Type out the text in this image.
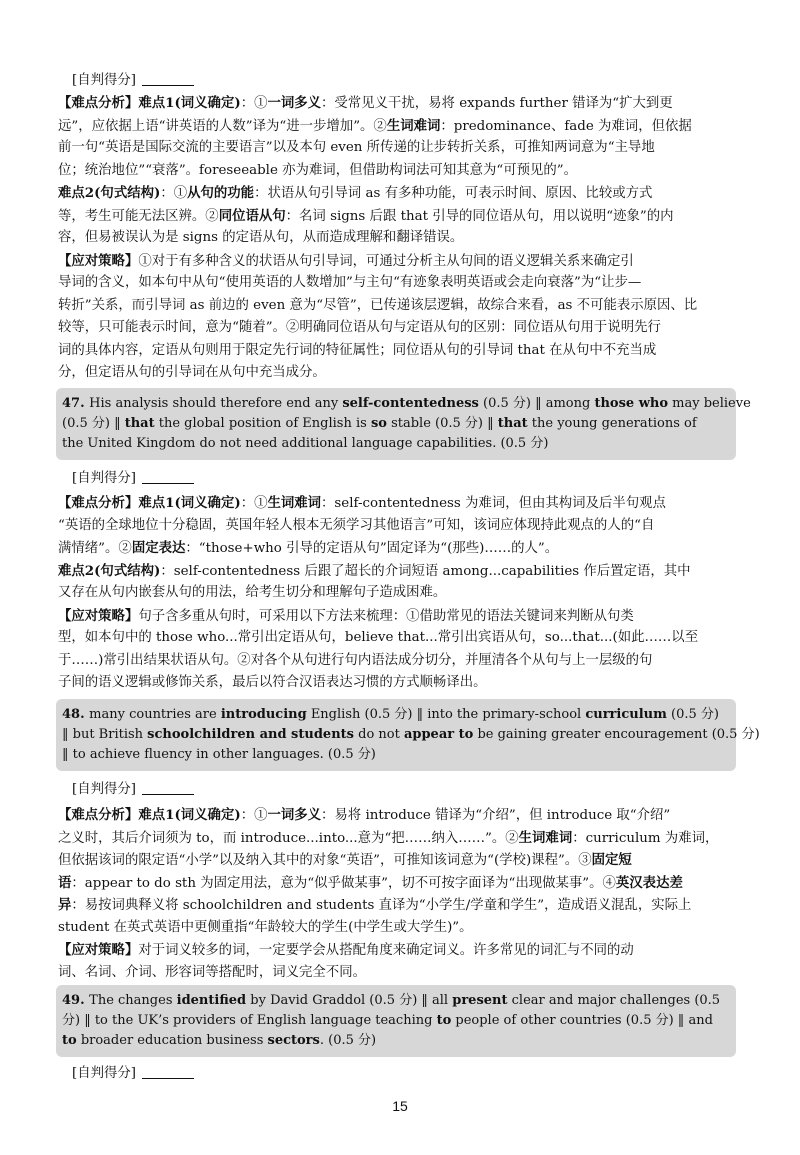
[自判得分]
【难点分析】难点1(词义确定)：①一词多义：受常见义干扰，易将 expands further 错译为“扩大到更
远”，应依据上语“讲英语的人数”译为“进一步增加”。②生词难词：predominance、fade 为难词，但依据
前一句“英语是国际交流的主要语言”以及本句 even 所传递的让步转折关系，可推知两词意为“主导地
位；统治地位”“衰落”。foreseeable 亦为难词，但借助构词法可知其意为“可预见的”。
难点2(句式结构)：①从句的功能：状语从句引导词 as 有多种功能，可表示时间、原因、比较或方式
等，考生可能无法区辨。②同位语从句：名词 signs 后跟 that 引导的同位语从句，用以说明“迹象”的内
容，但易被误认为是 signs 的定语从句，从而造成理解和翻译错误。
【应对策略】①对于有多种含义的状语从句引导词，可通过分析主从句间的语义逻辑关系来确定引
导词的含义，如本句中从句“使用英语的人数增加”与主句“有迹象表明英语或会走向衰落”为“让步—
转折”关系，而引导词 as 前边的 even 意为“尽管”，已传递该层逻辑，故综合来看，as 不可能表示原因、比
较等，只可能表示时间，意为“随着”。②明确同位语从句与定语从句的区别：同位语从句用于说明先行
词的具体内容，定语从句则用于限定先行词的特征属性；同位语从句的引导词 that 在从句中不充当成
分，但定语从句的引导词在从句中充当成分。
47. His analysis should therefore end any self-contentedness (0.5 分) ‖ among those who may believe
(0.5 分) ‖ that the global position of English is so stable (0.5 分) ‖ that the young generations of
the United Kingdom do not need additional language capabilities. (0.5 分)
[自判得分]
【难点分析】难点1(词义确定)：①生词难词：self-contentedness 为难词，但由其构词及后半句观点
“英语的全球地位十分稳固，英国年轻人根本无须学习其他语言”可知，该词应体现持此观点的人的“自
满情绪”。②固定表达：“those+who 引导的定语从句”固定译为“(那些)……的人”。
难点2(句式结构)：self-contentedness 后跟了超长的介词短语 among...capabilities 作后置定语，其中
又存在从句内嵌套从句的用法，给考生切分和理解句子造成困难。
【应对策略】句子含多重从句时，可采用以下方法来梳理：①借助常见的语法关键词来判断从句类
型，如本句中的 those who...常引出定语从句，believe that...常引出宾语从句，so...that...(如此……以至
于……)常引出结果状语从句。②对各个从句进行句内语法成分切分，并厘清各个从句与上一层级的句
子间的语义逻辑或修饰关系，最后以符合汉语表达习惯的方式顺畅译出。
48. many countries are introducing English (0.5 分) ‖ into the primary-school curriculum (0.5 分)
‖ but British schoolchildren and students do not appear to be gaining greater encouragement (0.5 分)
‖ to achieve fluency in other languages. (0.5 分)
[自判得分]
【难点分析】难点1(词义确定)：①一词多义：易将 introduce 错译为“介绍”，但 introduce 取“介绍”
之义时，其后介词须为 to，而 introduce...into...意为“把……纳入……”。②生词难词：curriculum 为难词，
但依据该词的限定语“小学”以及纳入其中的对象“英语”，可推知该词意为“(学校)课程”。③固定短
语：appear to do sth 为固定用法，意为“似乎做某事”，切不可按字面译为“出现做某事”。④英汉表达差
异：易按词典释义将 schoolchildren and students 直译为“小学生/学童和学生”，造成语义混乱，实际上
student 在英式英语中更侧重指“年龄较大的学生(中学生或大学生)”。
【应对策略】对于词义较多的词，一定要学会从搭配角度来确定词义。许多常见的词汇与不同的动
词、名词、介词、形容词等搭配时，词义完全不同。
49. The changes identified by David Graddol (0.5 分) ‖ all present clear and major challenges (0.5
分) ‖ to the UK’s providers of English language teaching to people of other countries (0.5 分) ‖ and
to broader education business sectors. (0.5 分)
[自判得分]
15
